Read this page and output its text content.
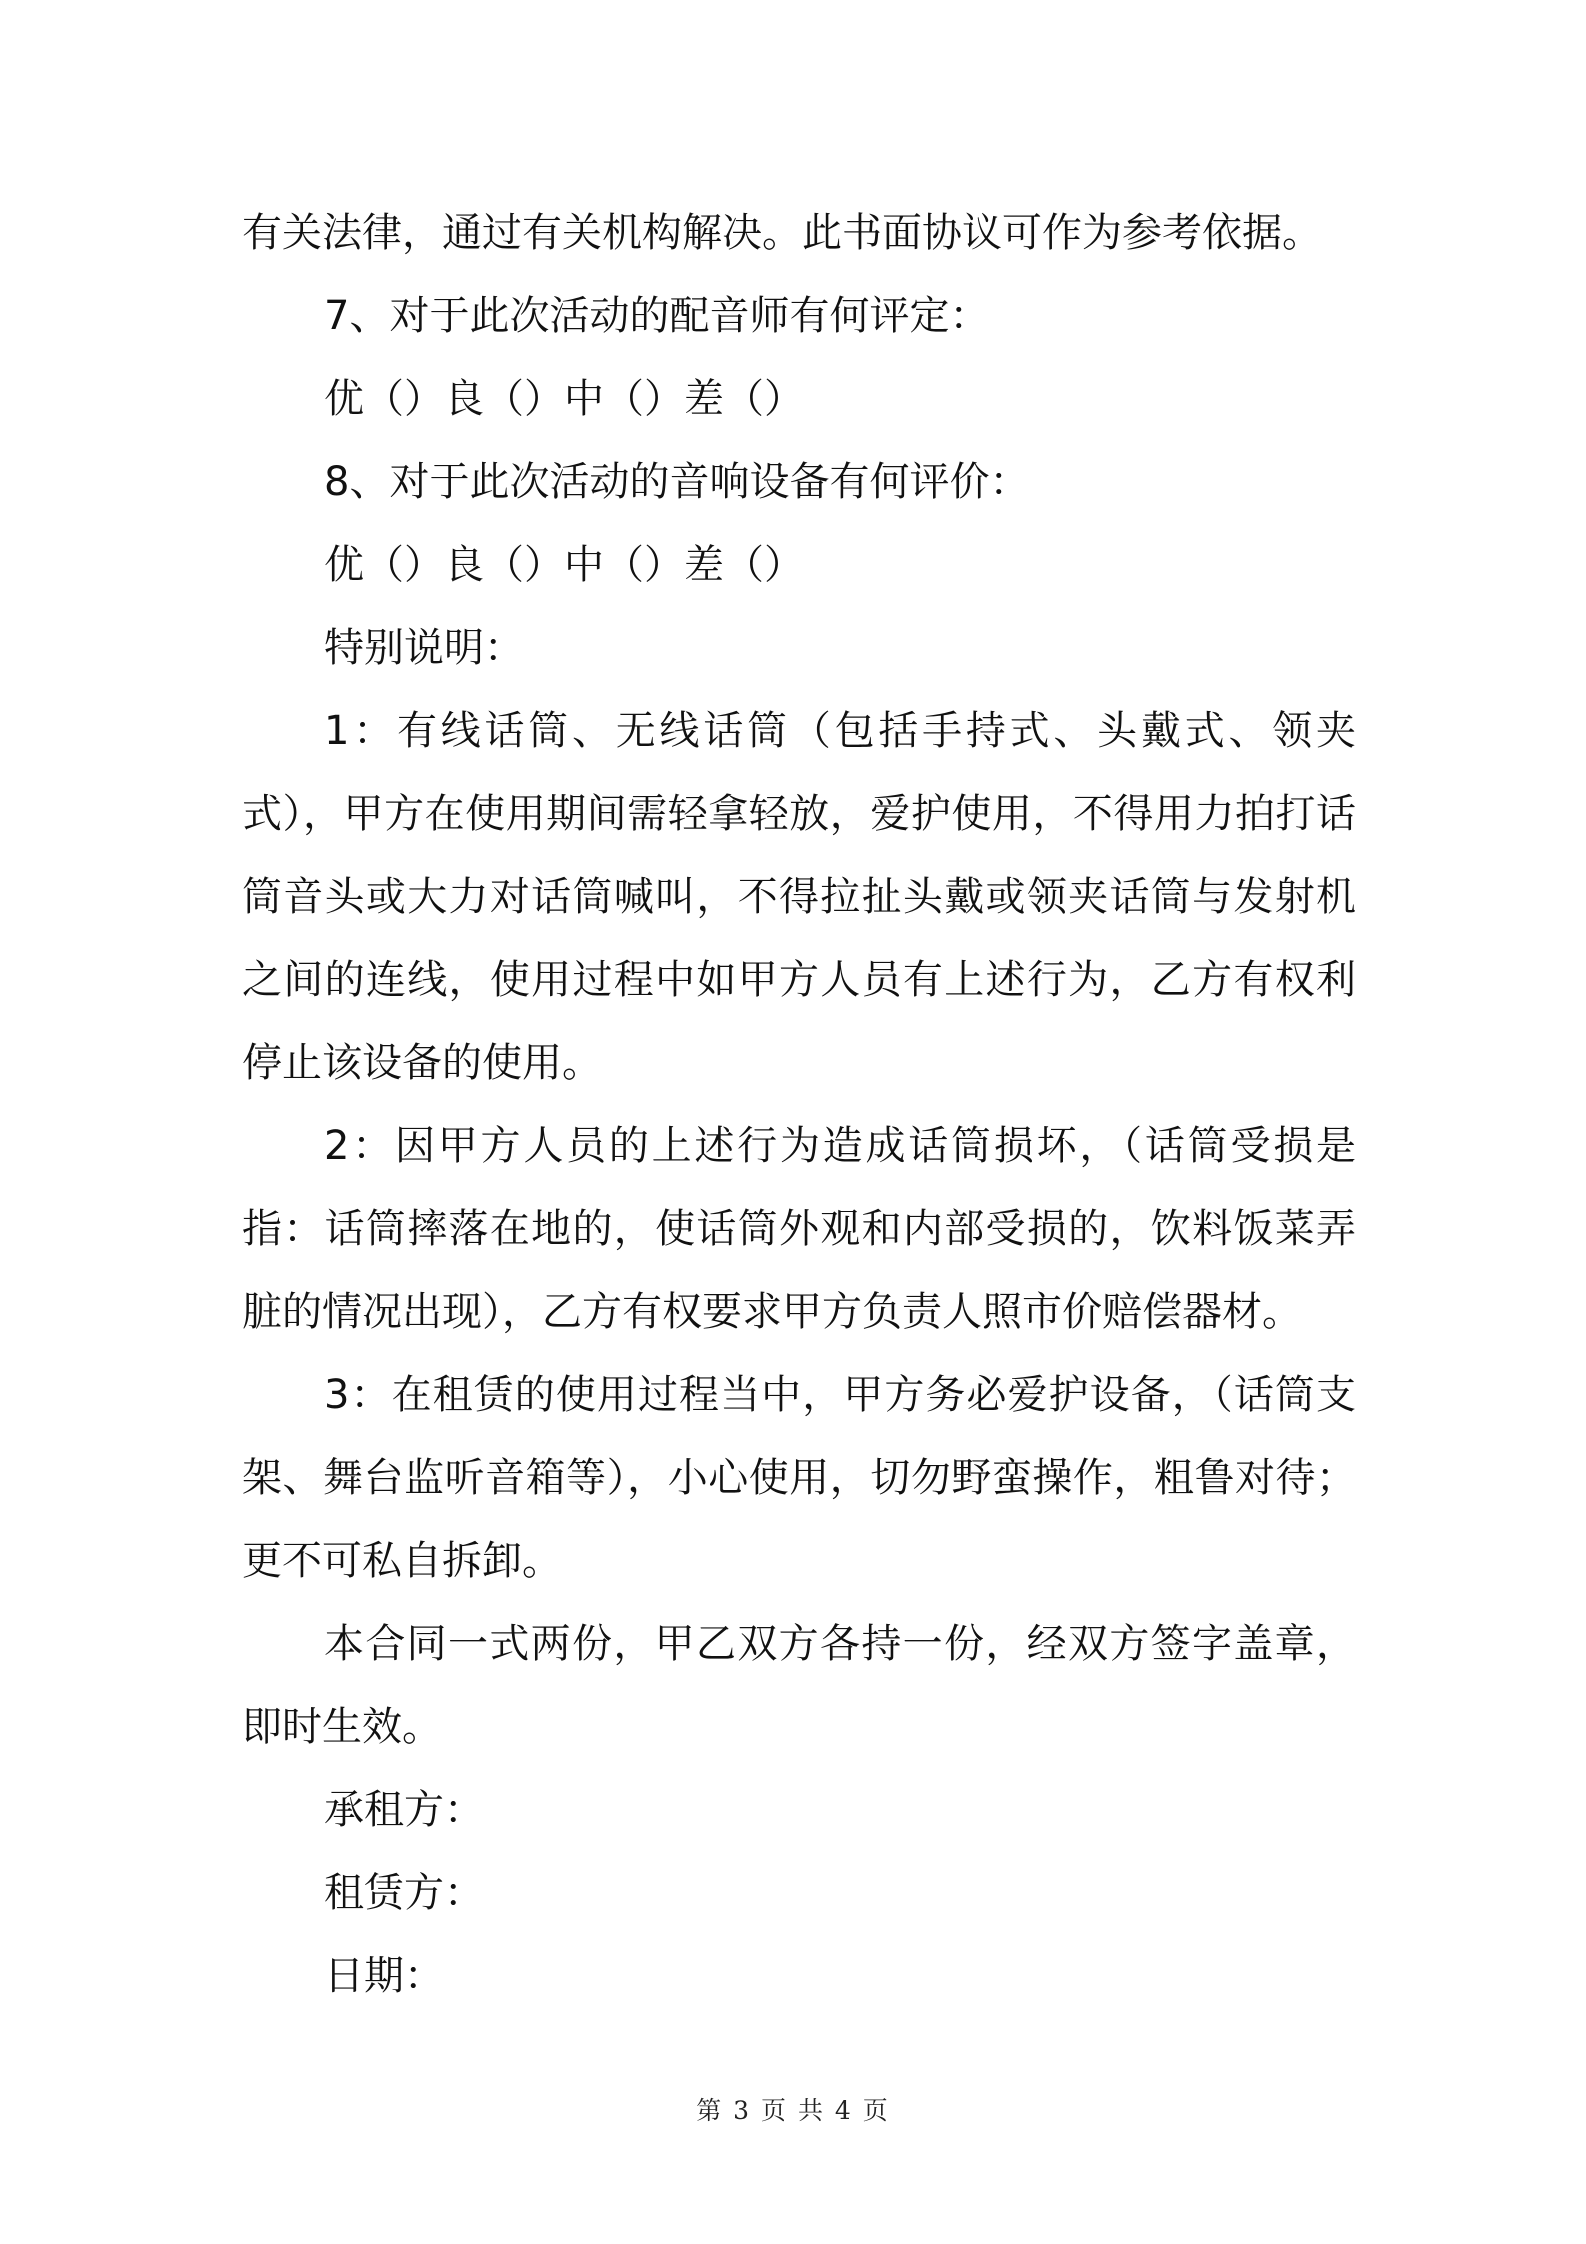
有关法律，通过有关机构解决。此书面协议可作为参考依据。

7、对于此次活动的配音师有何评定：

优（）良（）中（）差（）

8、对于此次活动的音响设备有何评价：

优（）良（）中（）差（）

特别说明：

1：有线话筒、无线话筒（包括手持式、头戴式、领夹式），甲方在使用期间需轻拿轻放，爱护使用，不得用力拍打话筒音头或大力对话筒喊叫，不得拉扯头戴或领夹话筒与发射机之间的连线，使用过程中如甲方人员有上述行为，乙方有权利停止该设备的使用。

2：因甲方人员的上述行为造成话筒损坏，（话筒受损是指：话筒摔落在地的，使话筒外观和内部受损的，饮料饭菜弄脏的情况出现），乙方有权要求甲方负责人照市价赔偿器材。

3：在租赁的使用过程当中，甲方务必爱护设备，（话筒支架、舞台监听音箱等），小心使用，切勿野蛮操作，粗鲁对待；更不可私自拆卸。

本合同一式两份，甲乙双方各持一份，经双方签字盖章，即时生效。

承租方：

租赁方：

日期：

第 3 页 共 4 页
